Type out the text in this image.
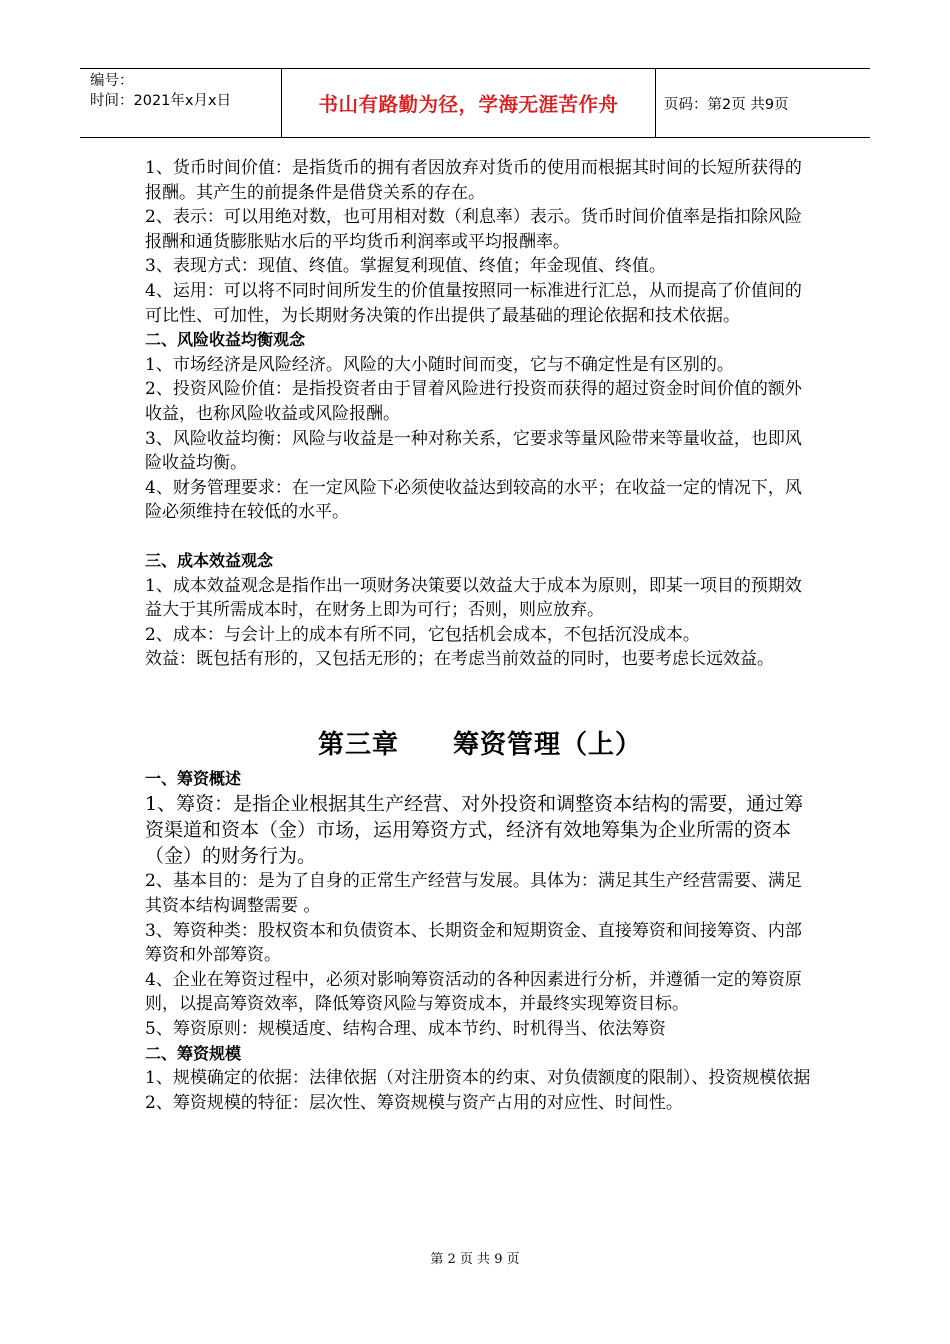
编号：
时间：2021年x月x日	书山有路勤为径，学海无涯苦作舟	页码：第2页 共9页

1、货币时间价值：是指货币的拥有者因放弃对货币的使用而根据其时间的长短所获得的报酬。其产生的前提条件是借贷关系的存在。

2、表示：可以用绝对数，也可用相对数（利息率）表示。货币时间价值率是指扣除风险报酬和通货膨胀贴水后的平均货币利润率或平均报酬率。

3、表现方式：现值、终值。掌握复利现值、终值；年金现值、终值。

4、运用：可以将不同时间所发生的价值量按照同一标准进行汇总，从而提高了价值间的可比性、可加性，为长期财务决策的作出提供了最基础的理论依据和技术依据。

二、风险收益均衡观念

1、市场经济是风险经济。风险的大小随时间而变，它与不确定性是有区别的。

2、投资风险价值：是指投资者由于冒着风险进行投资而获得的超过资金时间价值的额外收益，也称风险收益或风险报酬。

3、风险收益均衡：风险与收益是一种对称关系，它要求等量风险带来等量收益，也即风险收益均衡。

4、财务管理要求：在一定风险下必须使收益达到较高的水平；在收益一定的情况下，风险必须维持在较低的水平。

三、成本效益观念

1、成本效益观念是指作出一项财务决策要以效益大于成本为原则，即某一项目的预期效益大于其所需成本时，在财务上即为可行；否则，则应放弃。

2、成本：与会计上的成本有所不同，它包括机会成本，不包括沉没成本。

效益：既包括有形的，又包括无形的；在考虑当前效益的同时，也要考虑长远效益。

第三章　　筹资管理（上）

一、筹资概述

1、筹资：是指企业根据其生产经营、对外投资和调整资本结构的需要，通过筹资渠道和资本（金）市场，运用筹资方式，经济有效地筹集为企业所需的资本（金）的财务行为。

2、基本目的：是为了自身的正常生产经营与发展。具体为：满足其生产经营需要、满足其资本结构调整需要 。

3、筹资种类：股权资本和负债资本、长期资金和短期资金、直接筹资和间接筹资、内部筹资和外部筹资。

4、企业在筹资过程中，必须对影响筹资活动的各种因素进行分析，并遵循一定的筹资原则，以提高筹资效率，降低筹资风险与筹资成本，并最终实现筹资目标。

5、筹资原则：规模适度、结构合理、成本节约、时机得当、依法筹资

二、筹资规模

1、规模确定的依据：法律依据（对注册资本的约束、对负债额度的限制）、投资规模依据

2、筹资规模的特征：层次性、筹资规模与资产占用的对应性、时间性。

第 2 页 共 9 页
